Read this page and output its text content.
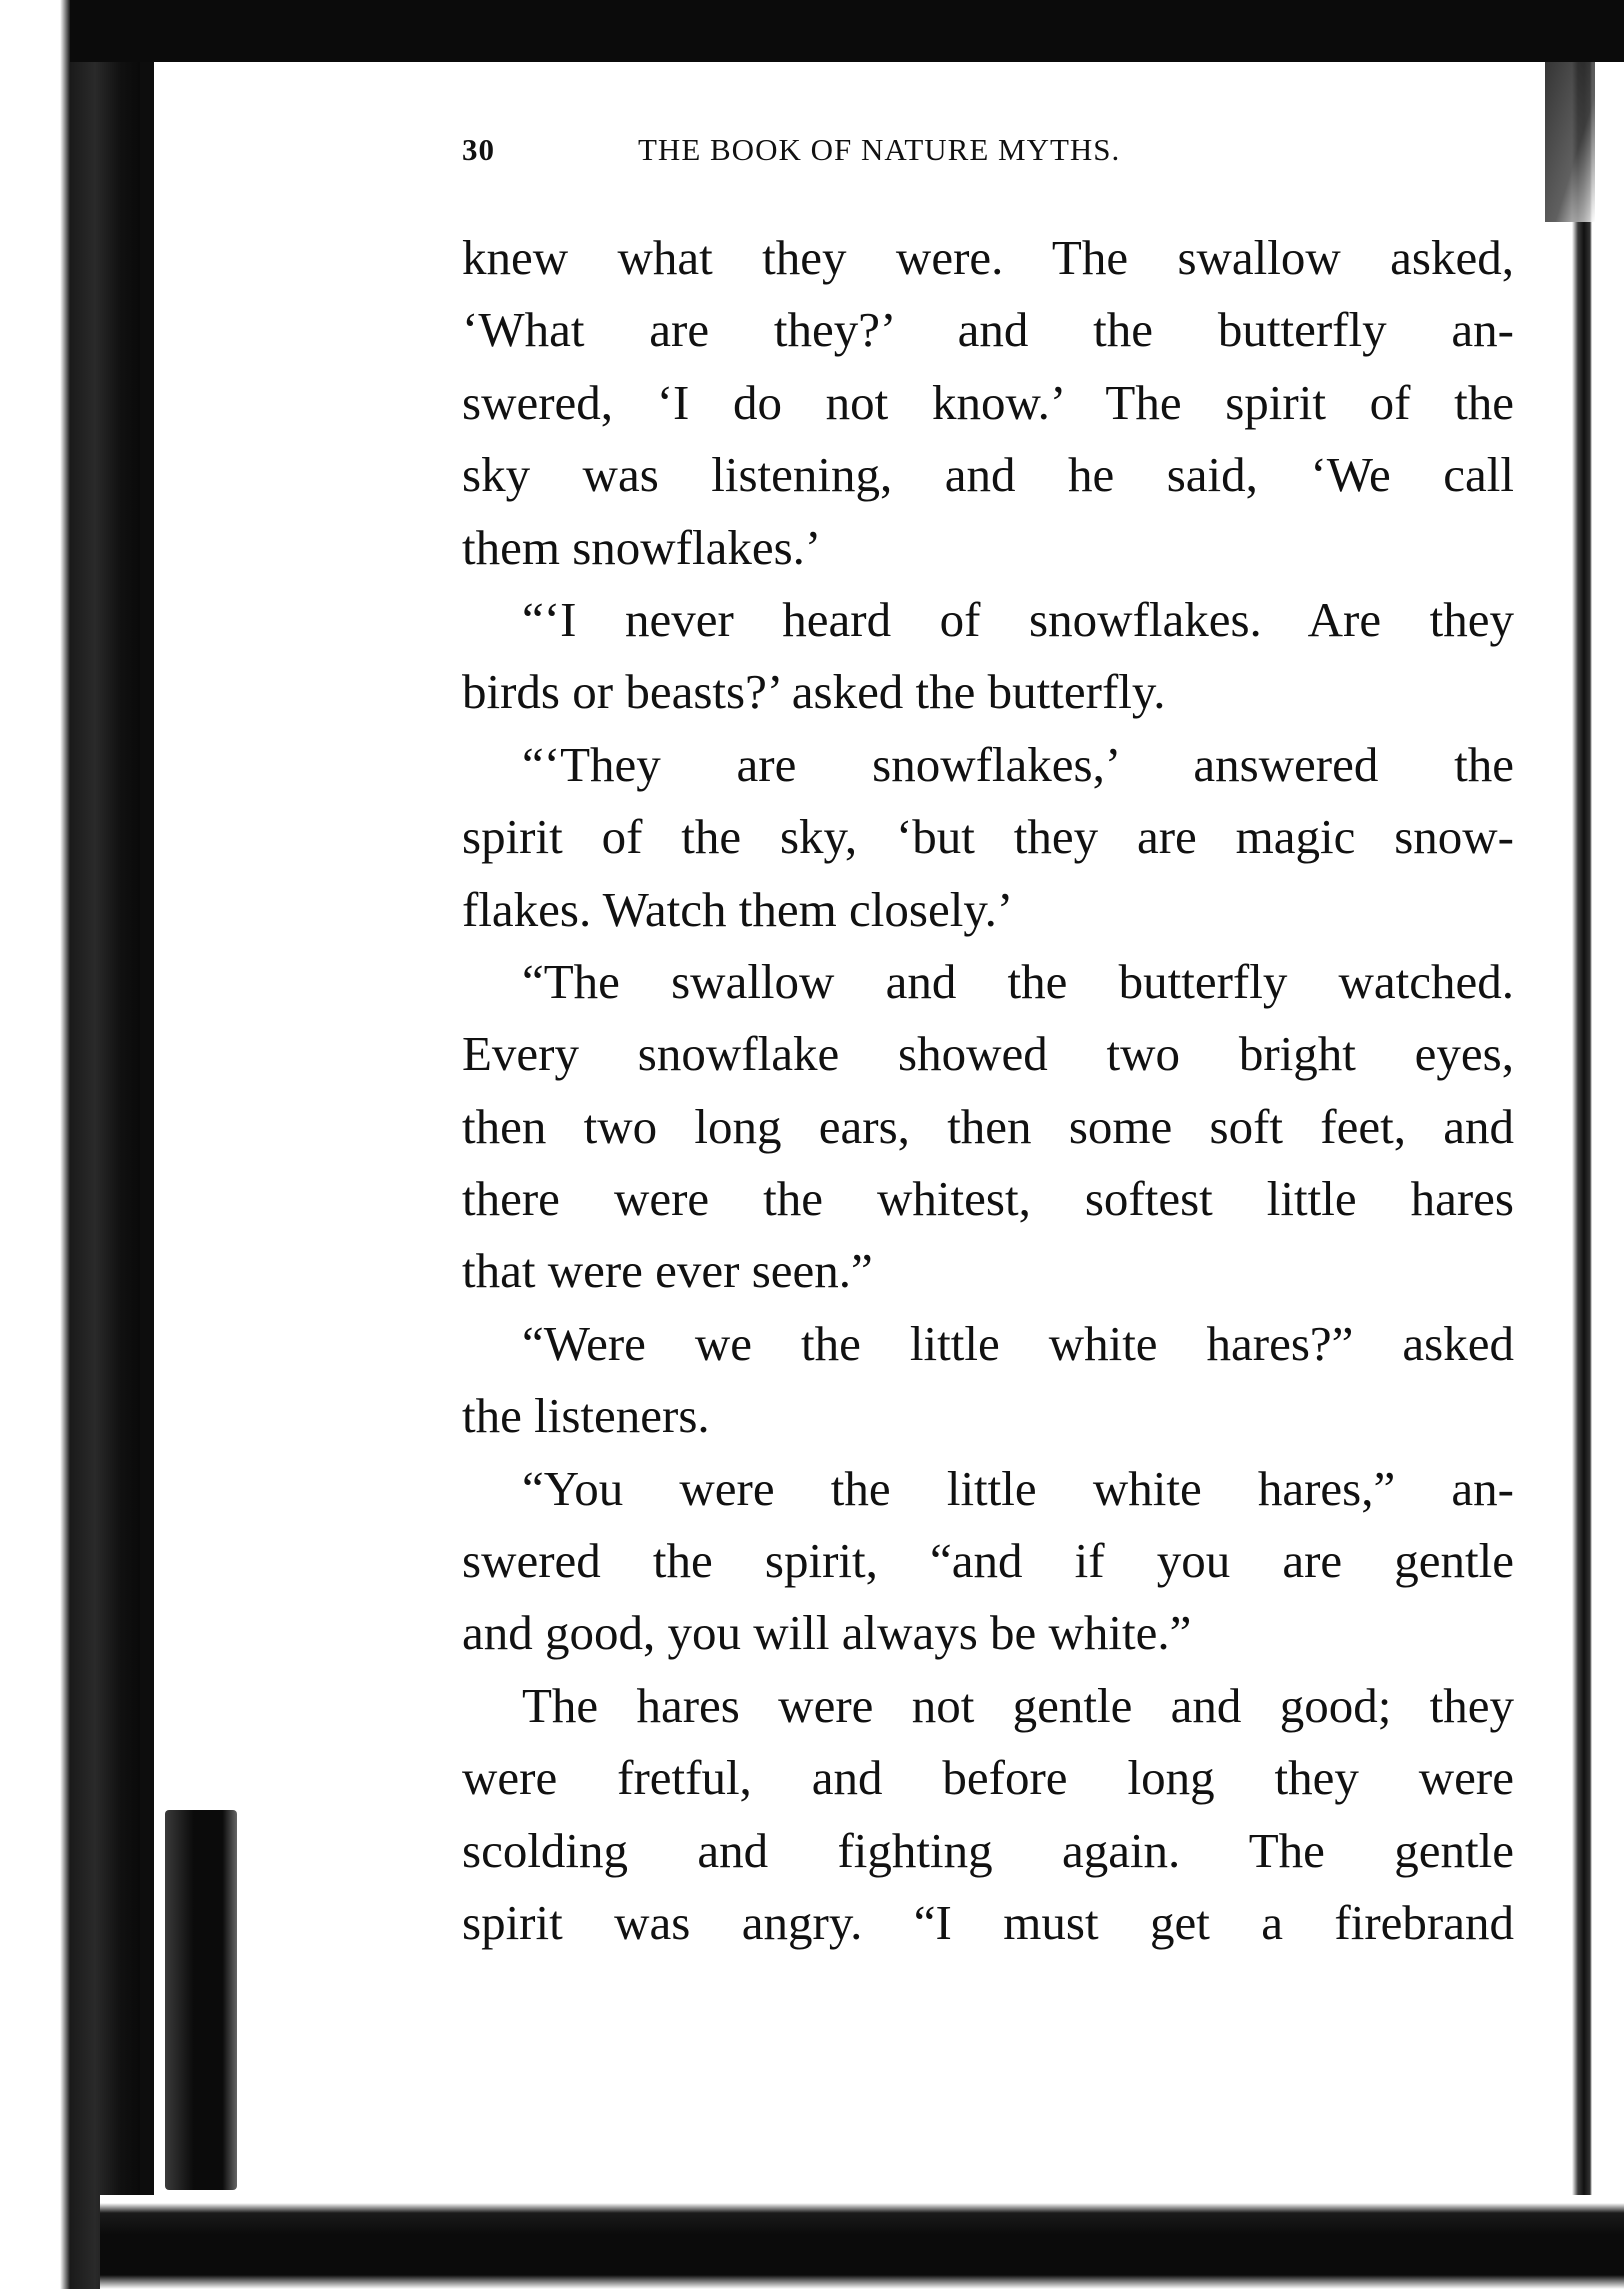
30	THE BOOK OF NATURE MYTHS.
knew what they were. The swallow asked,
‘What are they?’ and the butterfly an-
swered, ‘I do not know.’ The spirit of the
sky was listening, and he said, ‘We call
them snowflakes.’
“‘I never heard of snowflakes. Are they
birds or beasts?’ asked the butterfly.
“‘They are snowflakes,’ answered the
spirit of the sky, ‘but they are magic snow-
flakes. Watch them closely.’
“The swallow and the butterfly watched.
Every snowflake showed two bright eyes,
then two long ears, then some soft feet, and
there were the whitest, softest little hares
that were ever seen.”
“Were we the little white hares?” asked
the listeners.
“You were the little white hares,” an-
swered the spirit, “and if you are gentle
and good, you will always be white.”
The hares were not gentle and good; they
were fretful, and before long they were
scolding and fighting again. The gentle
spirit was angry. “I must get a firebrand
